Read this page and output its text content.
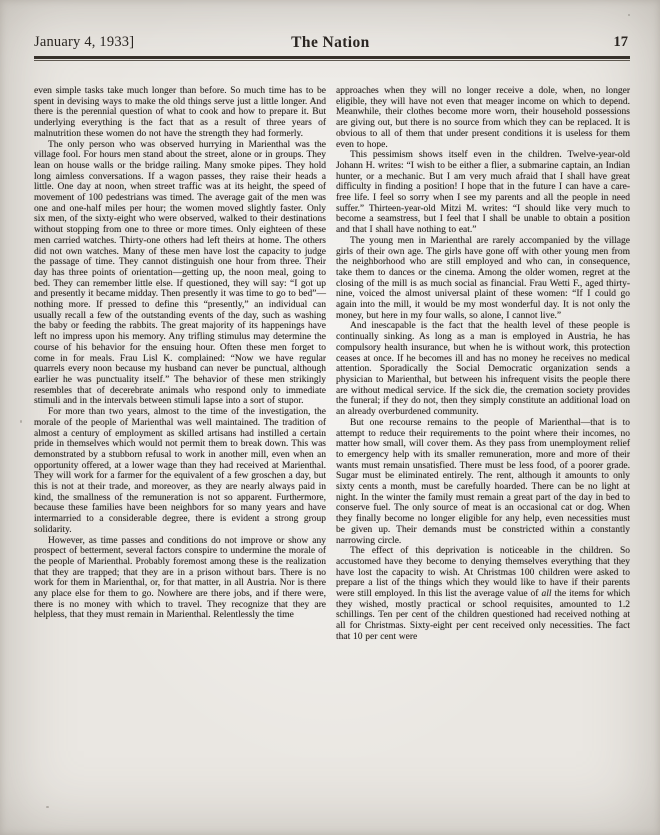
January 4, 1933]	The Nation	17

even simple tasks take much longer than before. So much time has to be spent in devising ways to make the old things serve just a little longer. And there is the perennial question of what to cook and how to prepare it. But underlying everything is the fact that as a result of three years of malnutrition these women do not have the strength they had formerly.

The only person who was observed hurrying in Marienthal was the village fool. For hours men stand about the street, alone or in groups. They lean on house walls or the bridge railing. Many smoke pipes. They hold long aimless conversations. If a wagon passes, they raise their heads a little. One day at noon, when street traffic was at its height, the speed of movement of 100 pedestrians was timed. The average gait of the men was one and one-half miles per hour; the women moved slightly faster. Only six men, of the sixty-eight who were observed, walked to their destinations without stopping from one to three or more times. Only eighteen of these men carried watches. Thirty-one others had left theirs at home. The others did not own watches. Many of these men have lost the capacity to judge the passage of time. They cannot distinguish one hour from three. Their day has three points of orientation—getting up, the noon meal, going to bed. They can remember little else. If questioned, they will say: “I got up and presently it became midday. Then presently it was time to go to bed”—nothing more. If pressed to define this “presently,” an individual can usually recall a few of the outstanding events of the day, such as washing the baby or feeding the rabbits. The great majority of its happenings have left no impress upon his memory. Any trifling stimulus may determine the course of his behavior for the ensuing hour. Often these men forget to come in for meals. Frau Lisl K. complained: “Now we have regular quarrels every noon because my husband can never be punctual, although earlier he was punctuality itself.” The behavior of these men strikingly resembles that of decerebrate animals who respond only to immediate stimuli and in the intervals between stimuli lapse into a sort of stupor.

For more than two years, almost to the time of the investigation, the morale of the people of Marienthal was well maintained. The tradition of almost a century of employment as skilled artisans had instilled a certain pride in themselves which would not permit them to break down. This was demonstrated by a stubborn refusal to work in another mill, even when an opportunity offered, at a lower wage than they had received at Marienthal. They will work for a farmer for the equivalent of a few groschen a day, but this is not at their trade, and moreover, as they are nearly always paid in kind, the smallness of the remuneration is not so apparent. Furthermore, because these families have been neighbors for so many years and have intermarried to a considerable degree, there is evident a strong group solidarity.

However, as time passes and conditions do not improve or show any prospect of betterment, several factors conspire to undermine the morale of the people of Marienthal. Probably foremost among these is the realization that they are trapped; that they are in a prison without bars. There is no work for them in Marienthal, or, for that matter, in all Austria. Nor is there any place else for them to go. Nowhere are there jobs, and if there were, there is no money with which to travel. They recognize that they are helpless, that they must remain in Marienthal. Relentlessly the time

approaches when they will no longer receive a dole, when, no longer eligible, they will have not even that meager income on which to depend. Meanwhile, their clothes become more worn, their household possessions are giving out, but there is no source from which they can be replaced. It is obvious to all of them that under present conditions it is useless for them even to hope.

This pessimism shows itself even in the children. Twelve-year-old Johann H. writes: “I wish to be either a flier, a submarine captain, an Indian hunter, or a mechanic. But I am very much afraid that I shall have great difficulty in finding a position! I hope that in the future I can have a care-free life. I feel so sorry when I see my parents and all the people in need suffer.” Thirteen-year-old Mitzi M. writes: “I should like very much to become a seamstress, but I feel that I shall be unable to obtain a position and that I shall have nothing to eat.”

The young men in Marienthal are rarely accompanied by the village girls of their own age. The girls have gone off with other young men from the neighborhood who are still employed and who can, in consequence, take them to dances or the cinema. Among the older women, regret at the closing of the mill is as much social as financial. Frau Wetti F., aged thirty-nine, voiced the almost universal plaint of these women: “If I could go again into the mill, it would be my most wonderful day. It is not only the money, but here in my four walls, so alone, I cannot live.”

And inescapable is the fact that the health level of these people is continually sinking. As long as a man is employed in Austria, he has compulsory health insurance, but when he is without work, this protection ceases at once. If he becomes ill and has no money he receives no medical attention. Sporadically the Social Democratic organization sends a physician to Marienthal, but between his infrequent visits the people there are without medical service. If the sick die, the cremation society provides the funeral; if they do not, then they simply constitute an additional load on an already overburdened community.

But one recourse remains to the people of Marienthal—that is to attempt to reduce their requirements to the point where their incomes, no matter how small, will cover them. As they pass from unemployment relief to emergency help with its smaller remuneration, more and more of their wants must remain unsatisfied. There must be less food, of a poorer grade. Sugar must be eliminated entirely. The rent, although it amounts to only sixty cents a month, must be carefully hoarded. There can be no light at night. In the winter the family must remain a great part of the day in bed to conserve fuel. The only source of meat is an occasional cat or dog. When they finally become no longer eligible for any help, even necessities must be given up. Their demands must be constricted within a constantly narrowing circle.

The effect of this deprivation is noticeable in the children. So accustomed have they become to denying themselves everything that they have lost the capacity to wish. At Christmas 100 children were asked to prepare a list of the things which they would like to have if their parents were still employed. In this list the average value of all the items for which they wished, mostly practical or school requisites, amounted to 1.2 schillings. Ten per cent of the children questioned had received nothing at all for Christmas. Sixty-eight per cent received only necessities. The fact that 10 per cent were
